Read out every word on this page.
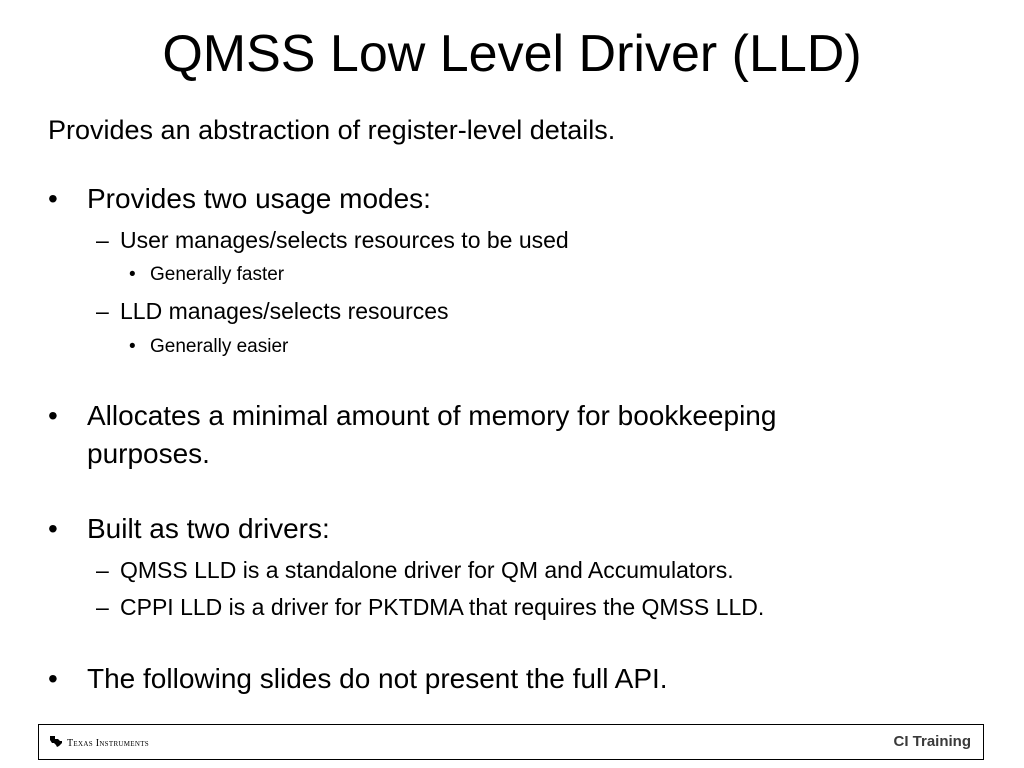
QMSS Low Level Driver (LLD)
Provides an abstraction of register-level details.
• Provides two usage modes:
– User manages/selects resources to be used
• Generally faster
– LLD manages/selects resources
• Generally easier
• Allocates a minimal amount of memory for bookkeeping
purposes.
• Built as two drivers:
– QMSS LLD is a standalone driver for QM and Accumulators.
– CPPI LLD is a driver for PKTDMA that requires the QMSS LLD.
• The following slides do not present the full API.
Texas Instruments	CI Training
